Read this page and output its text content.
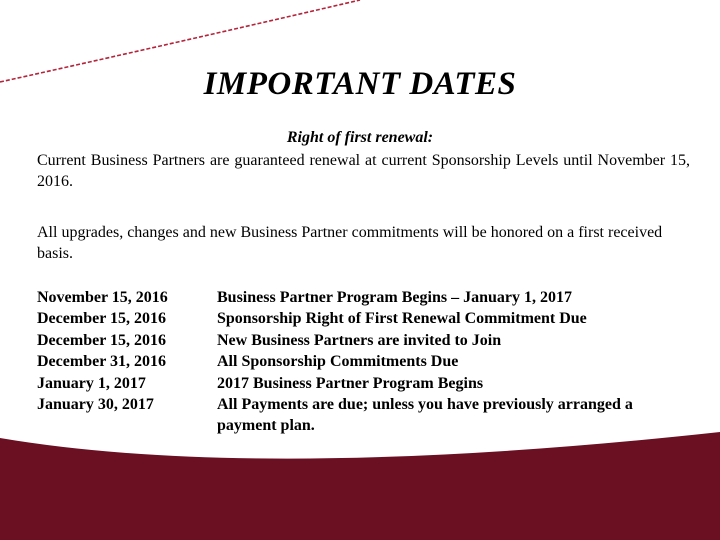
IMPORTANT DATES

Right of first renewal:

Current Business Partners are guaranteed renewal at current Sponsorship Levels until November 15, 2016.

All upgrades, changes and new Business Partner commitments will be honored on a first received basis.

November 15, 2016
December 15, 2016
December 15, 2016
December 31, 2016
January 1, 2017
January 30, 2017
Business Partner Program Begins – January 1, 2017
Sponsorship Right of First Renewal Commitment Due
New Business Partners are invited to Join
All Sponsorship Commitments Due
2017 Business Partner Program Begins
All Payments are due; unless you have previously arranged a payment plan.
